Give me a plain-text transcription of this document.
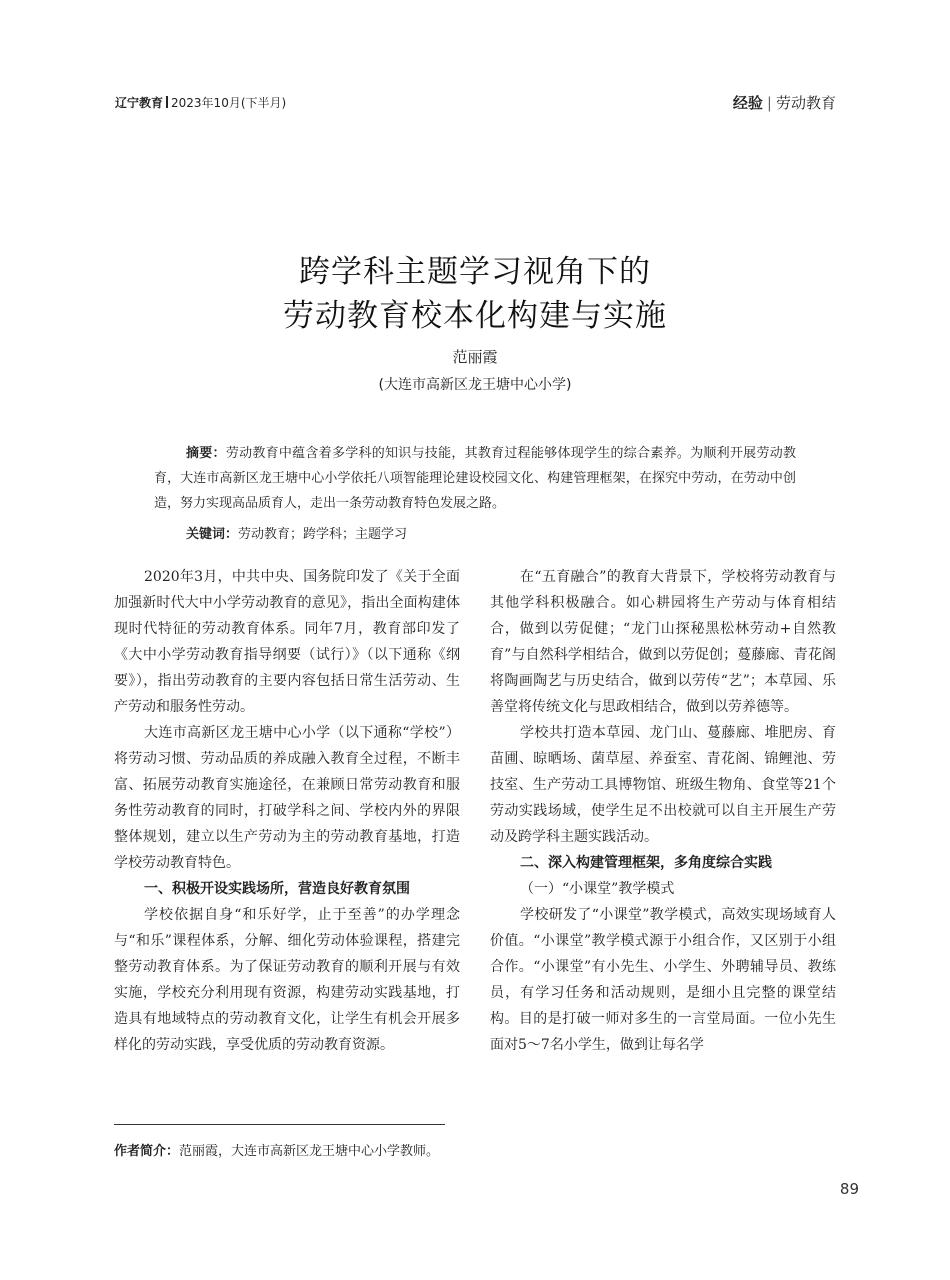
辽宁教育 2023年10月(下半月)	经验 | 劳动教育
跨学科主题学习视角下的
劳动教育校本化构建与实施
范丽霞
(大连市高新区龙王塘中心小学)

摘要：劳动教育中蕴含着多学科的知识与技能，其教育过程能够体现学生的综合素养。为顺利开展劳动教育，大连市高新区龙王塘中心小学依托八项智能理论建设校园文化、构建管理框架，在探究中劳动，在劳动中创造，努力实现高品质育人，走出一条劳动教育特色发展之路。

关键词：劳动教育；跨学科；主题学习

2020年3月，中共中央、国务院印发了《关于全面加强新时代大中小学劳动教育的意见》，指出全面构建体现时代特征的劳动教育体系。同年7月，教育部印发了《大中小学劳动教育指导纲要（试行）》（以下通称《纲要》），指出劳动教育的主要内容包括日常生活劳动、生产劳动和服务性劳动。

大连市高新区龙王塘中心小学（以下通称“学校”）将劳动习惯、劳动品质的养成融入教育全过程，不断丰富、拓展劳动教育实施途径，在兼顾日常劳动教育和服务性劳动教育的同时，打破学科之间、学校内外的界限整体规划，建立以生产劳动为主的劳动教育基地，打造学校劳动教育特色。

一、积极开设实践场所，营造良好教育氛围

学校依据自身“和乐好学，止于至善”的办学理念与“和乐”课程体系，分解、细化劳动体验课程，搭建完整劳动教育体系。为了保证劳动教育的顺利开展与有效实施，学校充分利用现有资源，构建劳动实践基地，打造具有地域特点的劳动教育文化，让学生有机会开展多样化的劳动实践，享受优质的劳动教育资源。

在“五育融合”的教育大背景下，学校将劳动教育与其他学科积极融合。如心耕园将生产劳动与体育相结合，做到以劳促健；“龙门山探秘黑松林劳动+自然教育”与自然科学相结合，做到以劳促创；蔓藤廊、青花阁将陶画陶艺与历史结合，做到以劳传“艺”；本草园、乐善堂将传统文化与思政相结合，做到以劳养德等。

学校共打造本草园、龙门山、蔓藤廊、堆肥房、育苗圃、晾晒场、菌草屋、养蚕室、青花阁、锦鲤池、劳技室、生产劳动工具博物馆、班级生物角、食堂等21个劳动实践场域，使学生足不出校就可以自主开展生产劳动及跨学科主题实践活动。

二、深入构建管理框架，多角度综合实践
（一）“小课堂”教学模式

学校研发了“小课堂”教学模式，高效实现场域育人价值。“小课堂”教学模式源于小组合作，又区别于小组合作。“小课堂”有小先生、小学生、外聘辅导员、教练员，有学习任务和活动规则，是细小且完整的课堂结构。目的是打破一师对多生的一言堂局面。一位小先生面对5～7名小学生，做到让每名学

作者简介：范丽霞，大连市高新区龙王塘中心小学教师。
89
